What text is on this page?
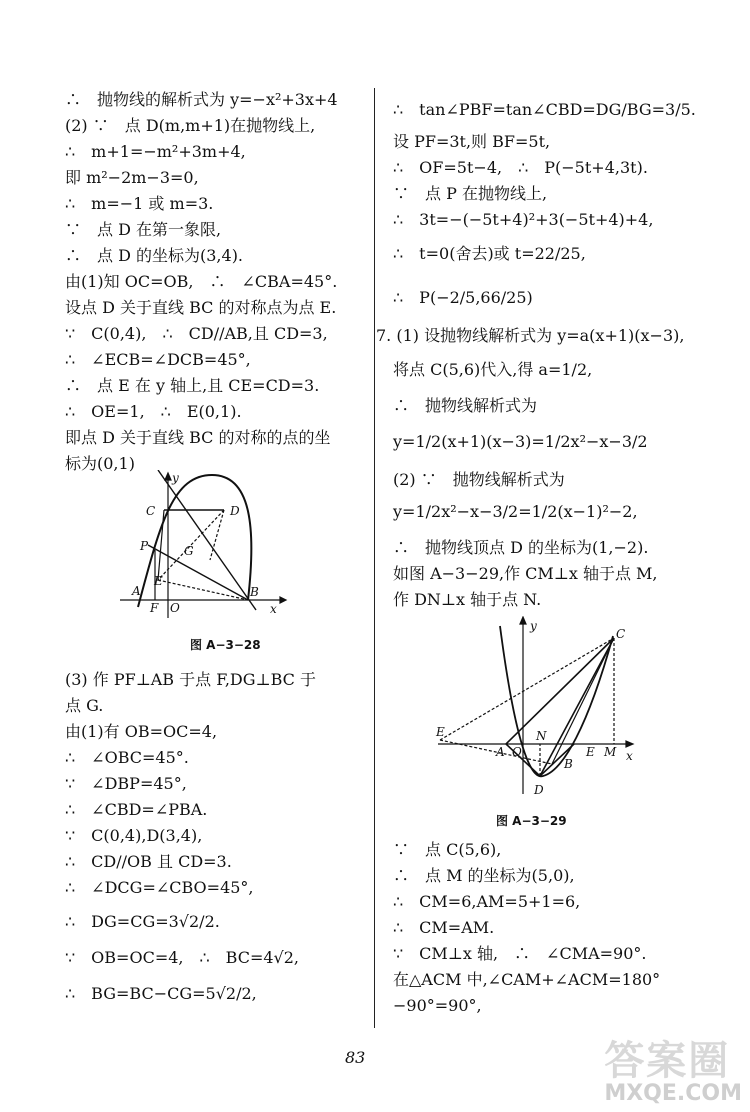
∴　抛物线的解析式为 y=−x²+3x+4
(2) ∵　点 D(m,m+1)在抛物线上,
∴　m+1=−m²+3m+4,
即 m²−2m−3=0,
∴　m=−1 或 m=3.
∵　点 D 在第一象限,
∴　点 D 的坐标为(3,4).
由(1)知 OC=OB,　∴　∠CBA=45°.
设点 D 关于直线 BC 的对称点为点 E.
∵　C(0,4),　∴　CD//AB,且 CD=3,
∴　∠ECB=∠DCB=45°,
∴　点 E 在 y 轴上,且 CE=CD=3.
∴　OE=1,　∴　E(0,1).
即点 D 关于直线 BC 的对称的点的坐
标为(0,1)
(3) 作 PF⊥AB 于点 F,DG⊥BC 于
点 G.
由(1)有 OB=OC=4,
∴　∠OBC=45°.
∵　∠DBP=45°,
∴　∠CBD=∠PBA.
∵　C(0,4),D(3,4),
∴　CD//OB 且 CD=3.
∴　∠DCG=∠CBO=45°,
∴　DG=CG=3√2/2.
∵　OB=OC=4,　∴　BC=4√2,
∴　BG=BC−CG=5√2/2,
y
x
C	D
P	G
E
A
F O
B
图 A−3−28
∴　tan∠PBF=tan∠CBD=DG/BG=3/5.
设 PF=3t,则 BF=5t,
∴　OF=5t−4,　∴　P(−5t+4,3t).
∵　点 P 在抛物线上,
∴　3t=−(−5t+4)²+3(−5t+4)+4,
∴　t=0(舍去)或 t=22/25,
∴　P(−2/5,66/25)
7. (1) 设抛物线解析式为 y=a(x+1)(x−3),
将点 C(5,6)代入,得 a=1/2,
∴　抛物线解析式为
y=1/2(x+1)(x−3)=1/2x²−x−3/2
(2) ∵　抛物线解析式为
y=1/2x²−x−3/2=1/2(x−1)²−2,
∴　抛物线顶点 D 的坐标为(1,−2).
如图 A−3−29,作 CM⊥x 轴于点 M,
作 DN⊥x 轴于点 N.
∵　点 C(5,6),
∴　点 M 的坐标为(5,0),
∴　CM=6,AM=5+1=6,
∴　CM=AM.
∵　CM⊥x 轴,　∴　∠CMA=90°.
在△ACM 中,∠CAM+∠ACM=180°
−90°=90°,
y
x
C
E	N
A O
B
E M
D
图 A−3−29
83	答案圈
MXQE.COM
